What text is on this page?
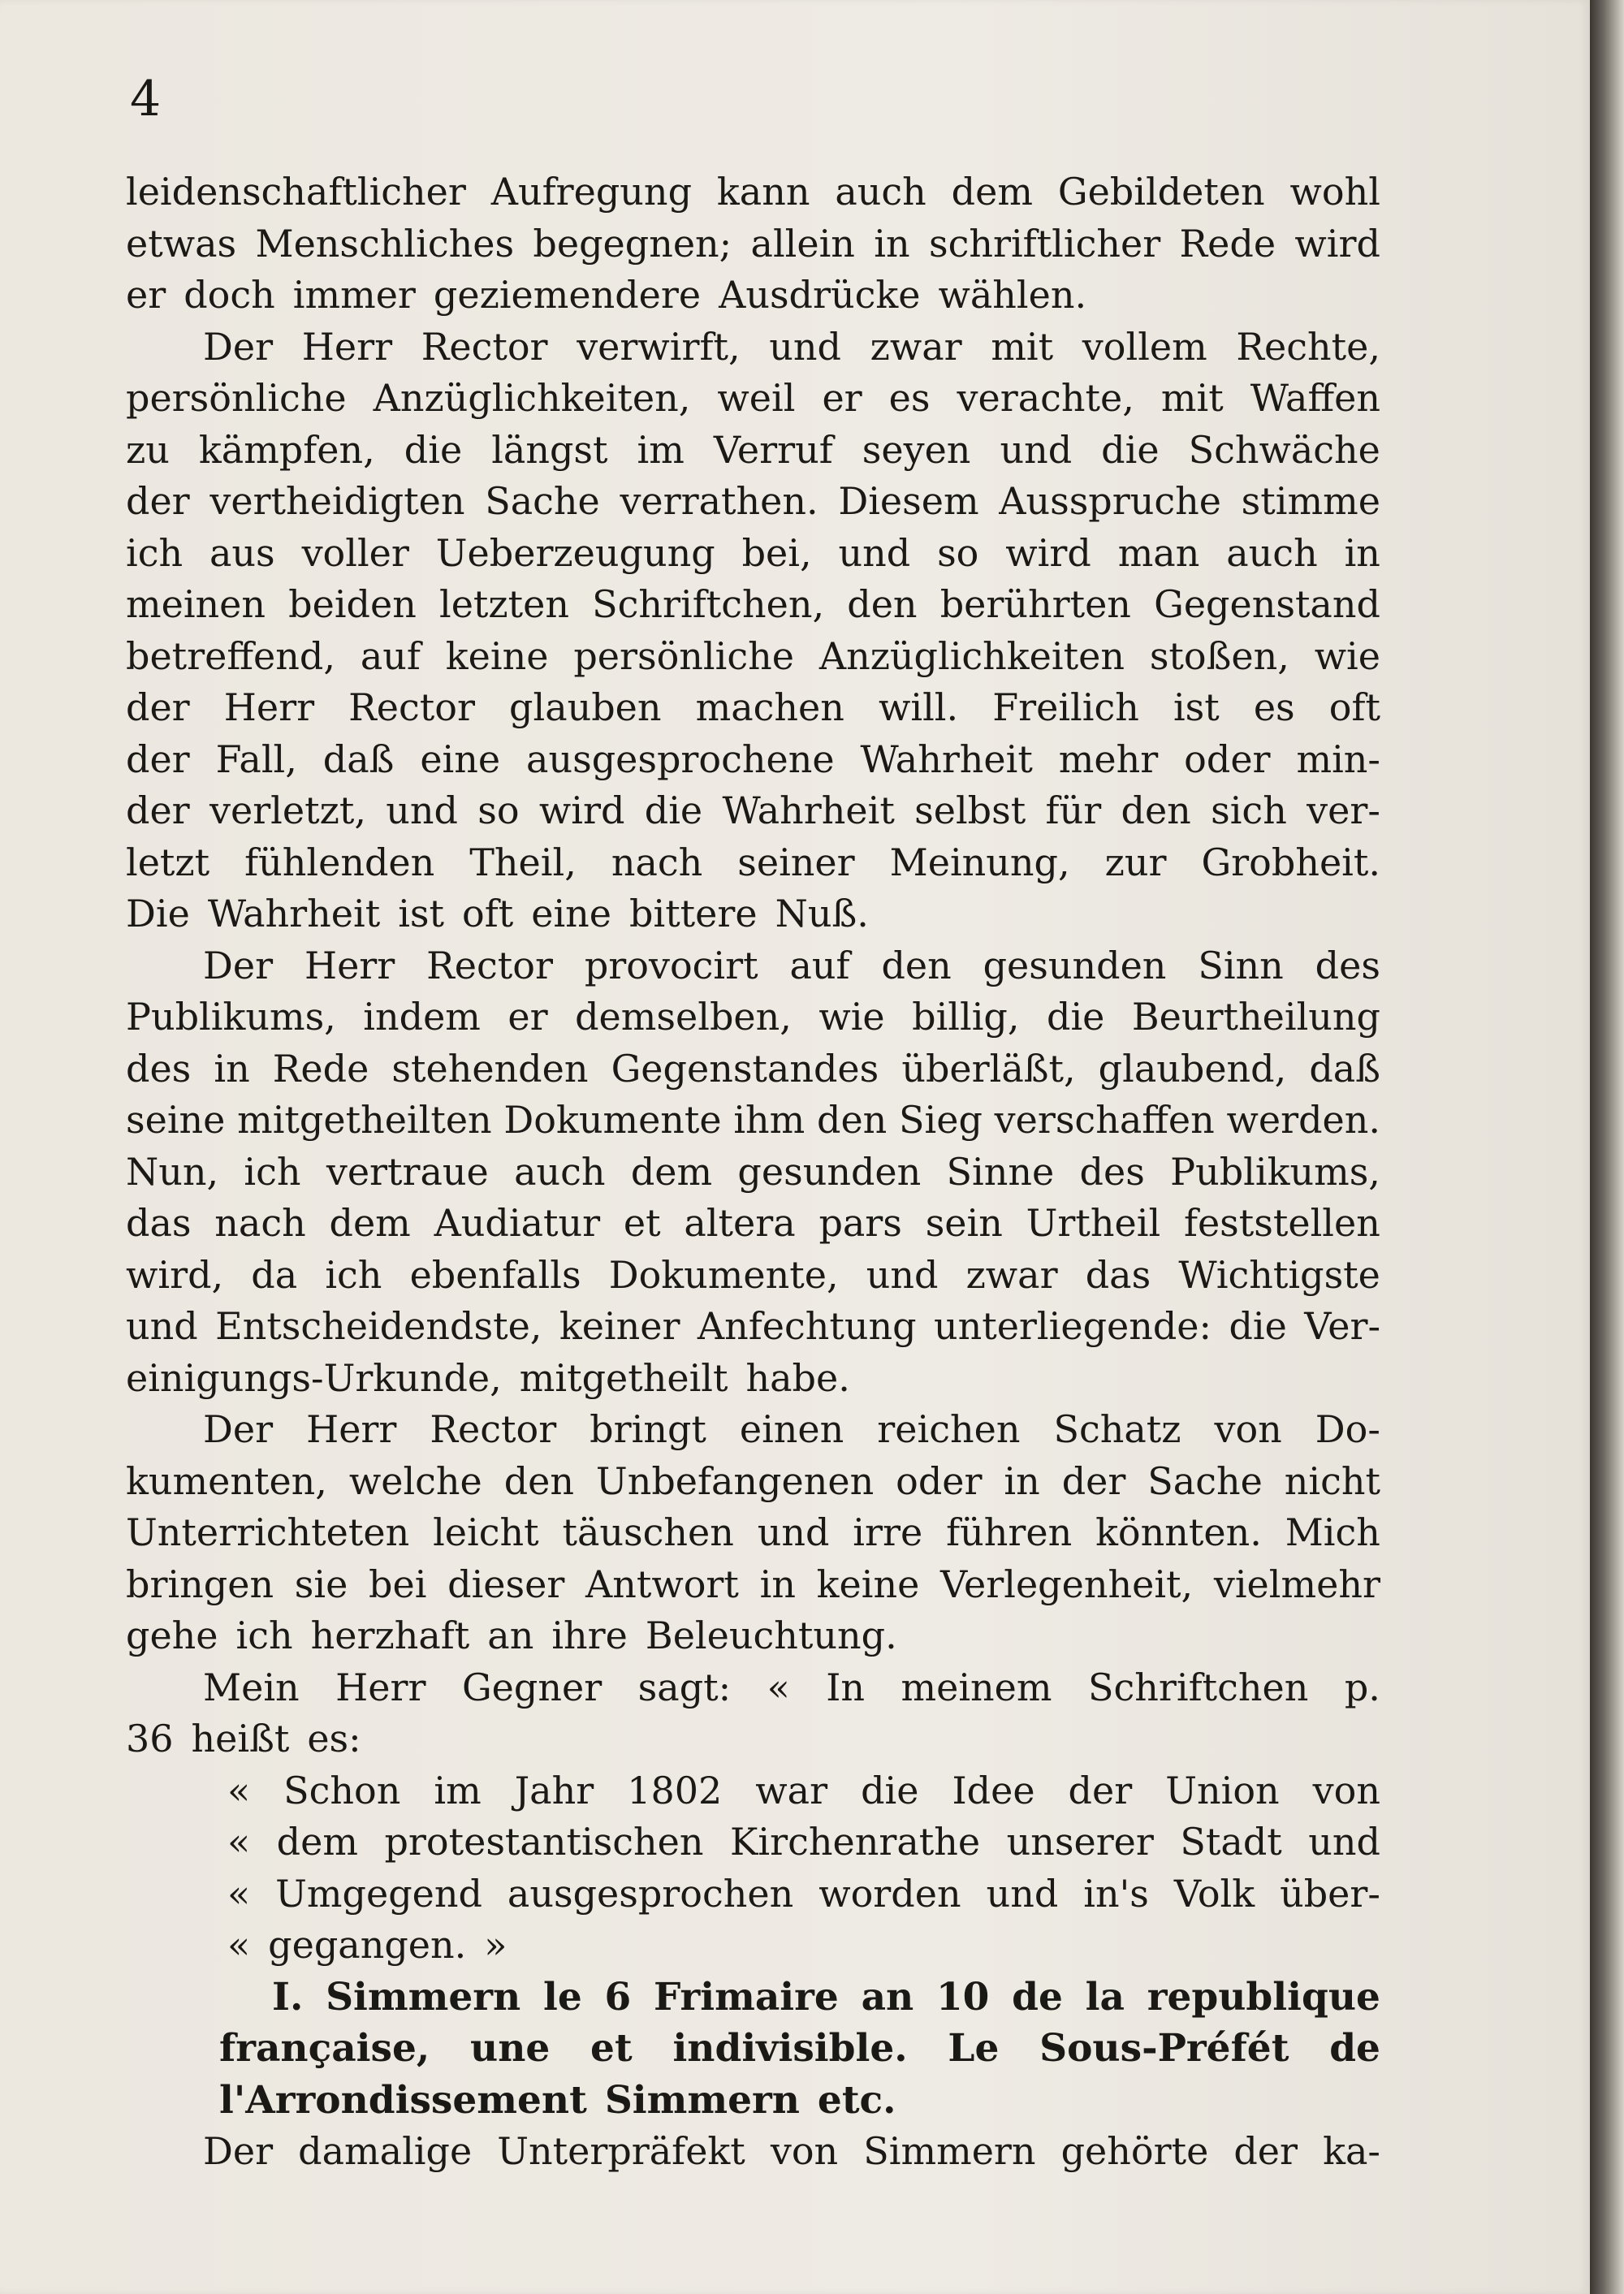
4
leidenschaftlicher Aufregung kann auch dem Gebildeten wohl
etwas Menschliches begegnen; allein in schriftlicher Rede wird
er doch immer geziemendere Ausdrücke wählen.
Der Herr Rector verwirft, und zwar mit vollem Rechte,
persönliche Anzüglichkeiten, weil er es verachte, mit Waffen
zu kämpfen, die längst im Verruf seyen und die Schwäche
der vertheidigten Sache verrathen. Diesem Ausspruche stimme
ich aus voller Ueberzeugung bei, und so wird man auch in
meinen beiden letzten Schriftchen, den berührten Gegenstand
betreffend, auf keine persönliche Anzüglichkeiten stoßen, wie
der Herr Rector glauben machen will. Freilich ist es oft
der Fall, daß eine ausgesprochene Wahrheit mehr oder min-
der verletzt, und so wird die Wahrheit selbst für den sich ver-
letzt fühlenden Theil, nach seiner Meinung, zur Grobheit.
Die Wahrheit ist oft eine bittere Nuß.
Der Herr Rector provocirt auf den gesunden Sinn des
Publikums, indem er demselben, wie billig, die Beurtheilung
des in Rede stehenden Gegenstandes überläßt, glaubend, daß
seine mitgetheilten Dokumente ihm den Sieg verschaffen werden.
Nun, ich vertraue auch dem gesunden Sinne des Publikums,
das nach dem Audiatur et altera pars sein Urtheil feststellen
wird, da ich ebenfalls Dokumente, und zwar das Wichtigste
und Entscheidendste, keiner Anfechtung unterliegende: die Ver-
einigungs-Urkunde, mitgetheilt habe.
Der Herr Rector bringt einen reichen Schatz von Do-
kumenten, welche den Unbefangenen oder in der Sache nicht
Unterrichteten leicht täuschen und irre führen könnten. Mich
bringen sie bei dieser Antwort in keine Verlegenheit, vielmehr
gehe ich herzhaft an ihre Beleuchtung.
Mein Herr Gegner sagt: « In meinem Schriftchen p.
36 heißt es:
« Schon im Jahr 1802 war die Idee der Union von
« dem protestantischen Kirchenrathe unserer Stadt und
« Umgegend ausgesprochen worden und in's Volk über-
« gegangen. »
I. Simmern le 6 Frimaire an 10 de la republique
française, une et indivisible. Le Sous-Préfét de
l'Arrondissement Simmern etc.
Der damalige Unterpräfekt von Simmern gehörte der ka-
